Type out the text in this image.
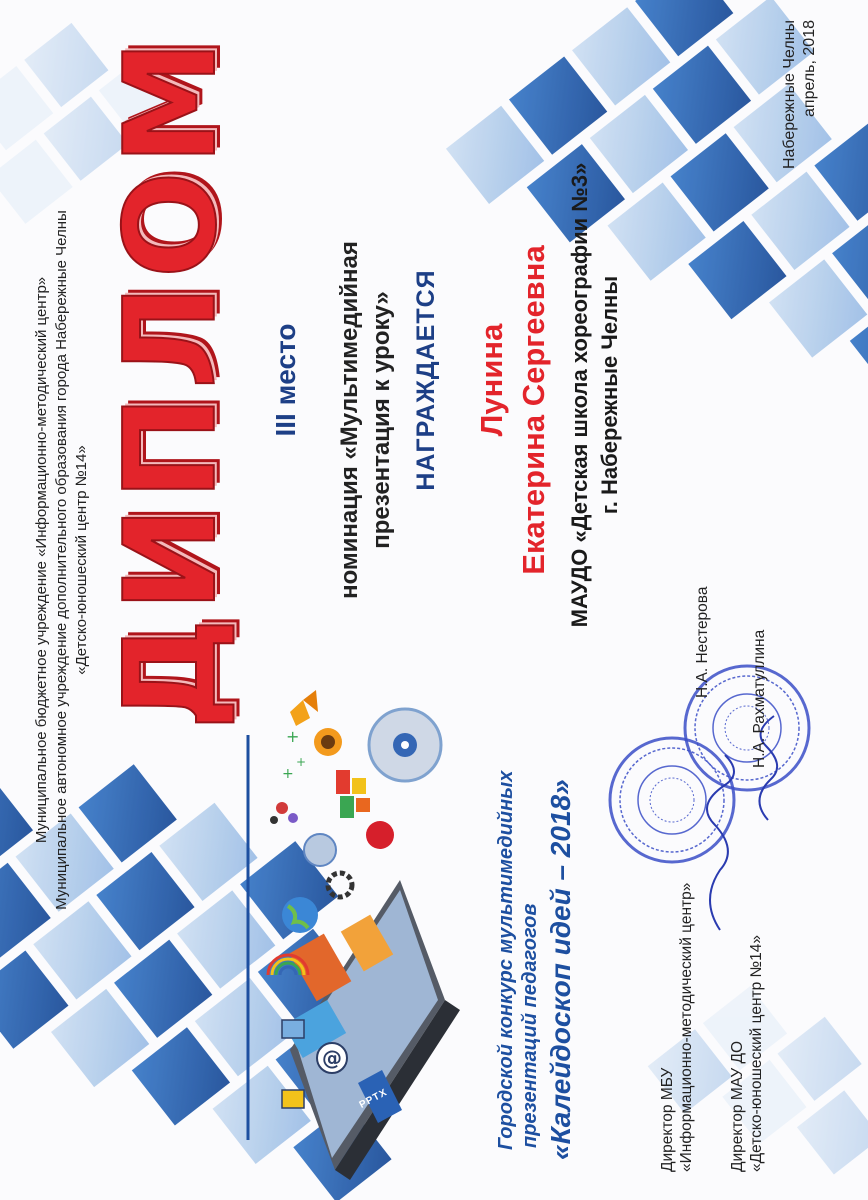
+
+
+
@

Муниципальное бюджетное учреждение «Информационно-методический центр» Муниципальное автономное учреждение дополнительного образования города Набережные Челны «Детско-юношеский центр №14» ДИПЛОМ III место номинация «Мультимедийная презентация к уроку» НАГРАЖДАЕТСЯ Лунина Екатерина Сергеевна МАУДО «Детская школа хореографии №3» г. Набережные Челны

Городской конкурс мультимедийных презентаций педагогов «Калейдоскоп идей – 2018»

PPTX	Директор МБУ «Информационно-методический центр»

Н.А. Нестерова

Директор МАУ ДО «Детско-юношеский центр №14»

Н.А. Рахматуллина

Набережные Челны апрель, 2018
